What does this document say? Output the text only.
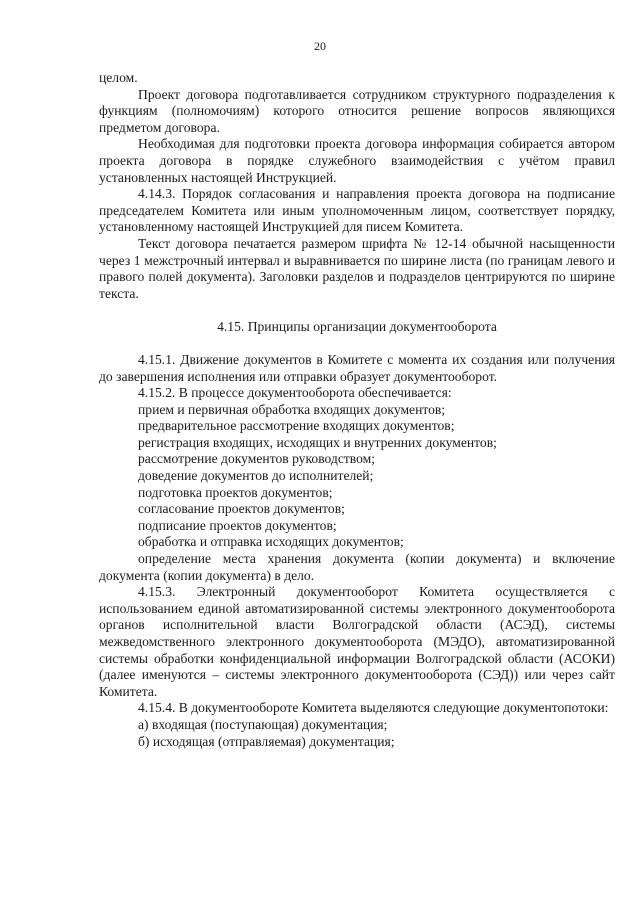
20

целом.

Проект договора подготавливается сотрудником структурного подразделения к функциям (полномочиям) которого относится решение вопросов являющихся предметом договора.

Необходимая для подготовки проекта договора информация собирается автором проекта договора в порядке служебного взаимодействия с учётом правил установленных настоящей Инструкцией.

4.14.3. Порядок согласования и направления проекта договора на подписание председателем Комитета или иным уполномоченным лицом, соответствует порядку, установленному настоящей Инструкцией для писем Комитета.

Текст договора печатается размером шрифта № 12-14 обычной насыщенности через 1 межстрочный интервал и выравнивается по ширине листа (по границам левого и правого полей документа). Заголовки разделов и подразделов центрируются по ширине текста.

4.15. Принципы организации документооборота

4.15.1. Движение документов в Комитете с момента их создания или получения до завершения исполнения или отправки образует документооборот.

4.15.2. В процессе документооборота обеспечивается:

прием и первичная обработка входящих документов;

предварительное рассмотрение входящих документов;

регистрация входящих, исходящих и внутренних документов;

рассмотрение документов руководством;

доведение документов до исполнителей;

подготовка проектов документов;

согласование проектов документов;

подписание проектов документов;

обработка и отправка исходящих документов;

определение места хранения документа (копии документа) и включение документа (копии документа) в дело.

4.15.3. Электронный документооборот Комитета осуществляется с использованием единой автоматизированной системы электронного документооборота органов исполнительной власти Волгоградской области (АСЭД), системы межведомственного электронного документооборота (МЭДО), автоматизированной системы обработки конфиденциальной информации Волгоградской области (АСОКИ) (далее именуются – системы электронного документооборота (СЭД)) или через сайт Комитета.

4.15.4. В документообороте Комитета выделяются следующие документопотоки:

а) входящая (поступающая) документация;

б) исходящая (отправляемая) документация;
